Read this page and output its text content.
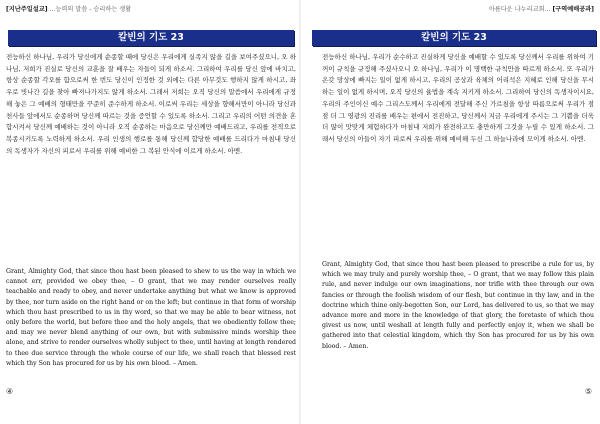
[지난주일설교] ...능력의 말씀 - 승리하는 생활
칼빈의 기도 23

전능하신 하나님, 우리가 당신에게 순종할 때에 당신은 우리에게 실족지 않을 길을 보여주셨으니, 오 하나님, 저희가 진실로 당신의 교훈을 잘 배우는 자들이 되게 하소서. 그리하여 우리를 당신 앞에 바치고, 항상 순종할 각오를 함으로써 한 번도 당신이 인정한 것 외에는 다른 아무것도 행하지 않게 하시고, 좌우로 빗나간 길을 찾아 빠져나가지도 않게 하소서. 그래서 저희는 오직 당신의 말씀에서 우리에게 규정해 놓은 그 예배의 형태만을 꾸준히 준수하게 하소서. 이로써 우리는 세상을 향해서만이 아니라 당신과 천사들 앞에서도 순종하며 당신께 따르는 것을 증언할 수 있도록 하소서. 그리고 우리의 어떤 의견을 혼합시켜서 당신께 예배하는 것이 아니라 오직 순종하는 마음으로 당신께만 예배드리고, 우리를 전적으로 복종시키도록 노력하게 하소서. 우리 인생의 행로를 통해 당신께 합당한 예배를 드리다가 마침내 당신의 독생자가 자신의 피로서 우리를 위해 예비한 그 복된 안식에 이르게 하소서. 아멘.

Grant, Almighty God, that since thou hast been pleased to shew to us the way in which we cannot err, provided we obey thee, – O grant, that we may render ourselves really teachable and ready to obey, and never undertake anything but what we know is approved by thee, nor turn aside on the right hand or on the left; but continue in that form of worship which thou hast prescribed to us in thy word, so that we may be able to bear witness, not only before the world, but before thee and the holy angels, that we obediently follow thee; and may we never blend anything of our own, but with submissive minds worship thee alone, and strive to render ourselves wholly subject to thee, until having at length rendered to thee due service through the whole course of our life, we shall reach that blessed rest which thy Son has procured for us by his own blood. – Amen.

④
아름다운 나누리교회... [구역예배공과]
칼빈의 기도 23

전능하신 하나님, 우리가 순수하고 진실하게 당신을 예배할 수 있도록 당신께서 우리를 위하여 기꺼이 규칙을 규정해 주셨사오니 오 하나님, 우리가 이 명백한 규칙만을 따르게 하소서. 또 우리가 온갖 망상에 빠지는 일이 없게 하시고, 우리의 공상과 육체의 어리석은 지혜로 인해 당신을 무시하는 일이 없게 하시며, 오직 당신의 율법을 계속 지키게 하소서. 그리하여 당신의 독생자이시요, 우리의 주인이신 예수 그리스도께서 우리에게 전달해 주신 가르침을 항상 따름으로써 우리가 점점 더 그 영광의 진리를 배우는 편에서 전진하고, 당신께서 지금 우리에게 주시는 그 기쁨을 더욱더 많이 맛맞게 체험하다가 마침내 저희가 완전하고도 충만하게 그것을 누릴 수 있게 하소서. 그래서 당신의 아들이 자기 피로써 우리를 위해 예비해 두신 그 하늘나라에 모이게 하소서. 아멘.

Grant, Almighty God, that since thou hast been pleased to prescribe a rule for us, by which we may truly and purely worship thee, – O grant, that we may follow this plain rule, and never indulge our own imaginations, nor trifle with thee through our own fancies or through the foolish wisdom of our flesh, but continue in thy law, and in the doctrine which thine only-begotten Son, our Lord, has delivered to us, so that we may advance more and more in the knowledge of that glory, the foretaste of which thou givest us now, until weshall at length fully and perfectly enjoy it, when we shall be gathered into that celestial kingdom, which thy Son has procured for us by his own blood. – Amen.

⑤
